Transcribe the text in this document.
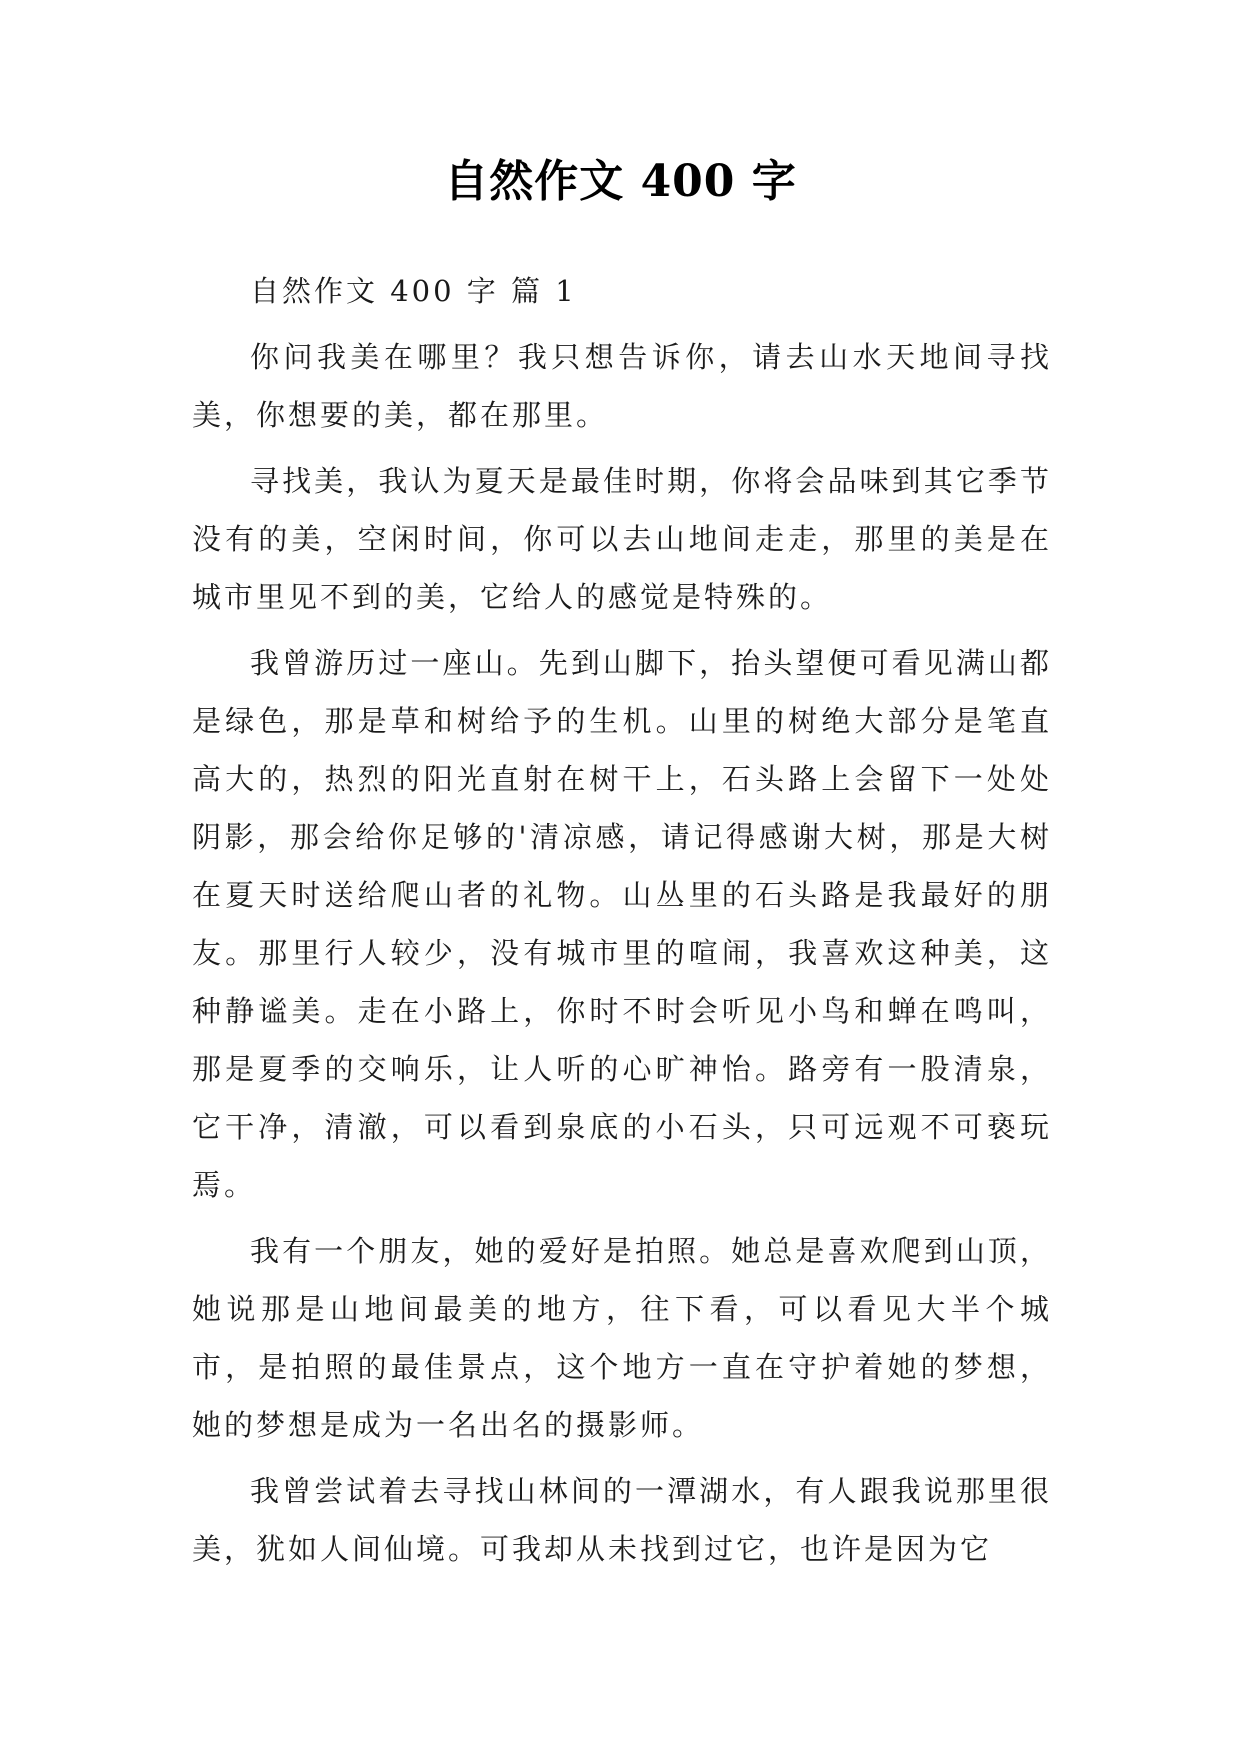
自然作文 400 字

自然作文 400 字 篇 1

你问我美在哪里？我只想告诉你，请去山水天地间寻找美，你想要的美，都在那里。

寻找美，我认为夏天是最佳时期，你将会品味到其它季节没有的美，空闲时间，你可以去山地间走走，那里的美是在城市里见不到的美，它给人的感觉是特殊的。

我曾游历过一座山。先到山脚下，抬头望便可看见满山都是绿色，那是草和树给予的生机。山里的树绝大部分是笔直高大的，热烈的阳光直射在树干上，石头路上会留下一处处阴影，那会给你足够的'清凉感，请记得感谢大树，那是大树在夏天时送给爬山者的礼物。山丛里的石头路是我最好的朋友。那里行人较少，没有城市里的喧闹，我喜欢这种美，这种静谧美。走在小路上，你时不时会听见小鸟和蝉在鸣叫，那是夏季的交响乐，让人听的心旷神怡。路旁有一股清泉，它干净，清澈，可以看到泉底的小石头，只可远观不可亵玩焉。

我有一个朋友，她的爱好是拍照。她总是喜欢爬到山顶，她说那是山地间最美的地方，往下看，可以看见大半个城市，是拍照的最佳景点，这个地方一直在守护着她的梦想，她的梦想是成为一名出名的摄影师。

我曾尝试着去寻找山林间的一潭湖水，有人跟我说那里很美，犹如人间仙境。可我却从未找到过它，也许是因为它
